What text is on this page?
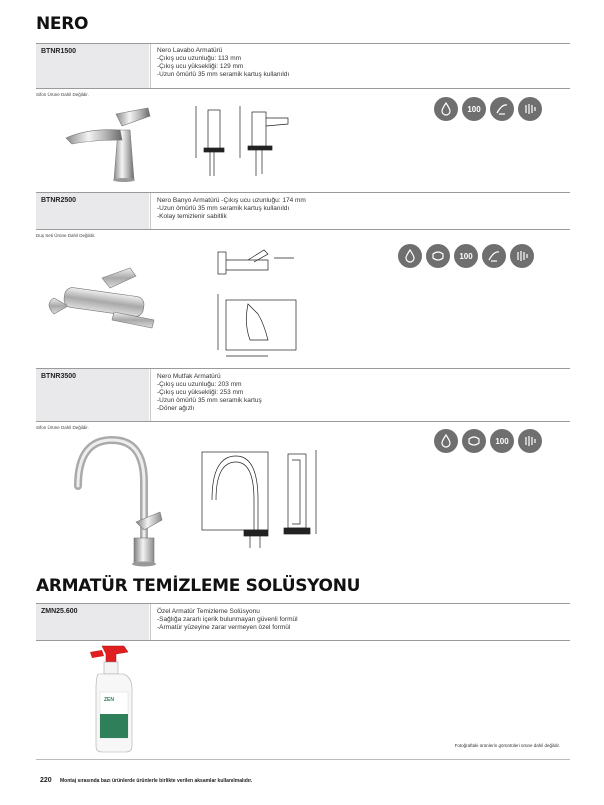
NERO
BTNR1500	Nero Lavabo Armatürü
-Çıkış ucu uzunluğu: 113 mm
-Çıkış ucu yüksekliği: 129 mm
-Uzun ömürlü 35 mm seramik kartuş kullanıldı
Sifon Ürüne Dahil Değildir.
100
BTNR2500	Nero Banyo Armatürü -Çıkış ucu uzunluğu: 174 mm
-Uzun ömürlü 35 mm seramik kartuş kullanıldı
-Kolay temizlenir sabitlik
Duş Seti Ürüne Dahil Değildir.
100
BTNR3500	Nero Mutfak Armatürü
-Çıkış ucu uzunluğu: 203 mm
-Çıkış ucu yüksekliği: 253 mm
-Uzun ömürlü 35 mm seramik kartuş
-Döner ağızlı
Sifon Ürüne Dahil Değildir.
100
ARMATÜR TEMİZLEME SOLÜSYONU
ZMN25.600	Özel Armatür Temizleme Solüsyonu
-Sağlığa zararlı içerik bulunmayan güvenli formül
-Armatür yüzeyine zarar vermeyen özel formül
ZEN
Fotoğraftaki ürünlerin görüntüleri ürüne dahil değildir.
220 Montaj sırasında bazı ürünlerde ürünlerle birlikte verilen aksamlar kullanılmalıdır.
